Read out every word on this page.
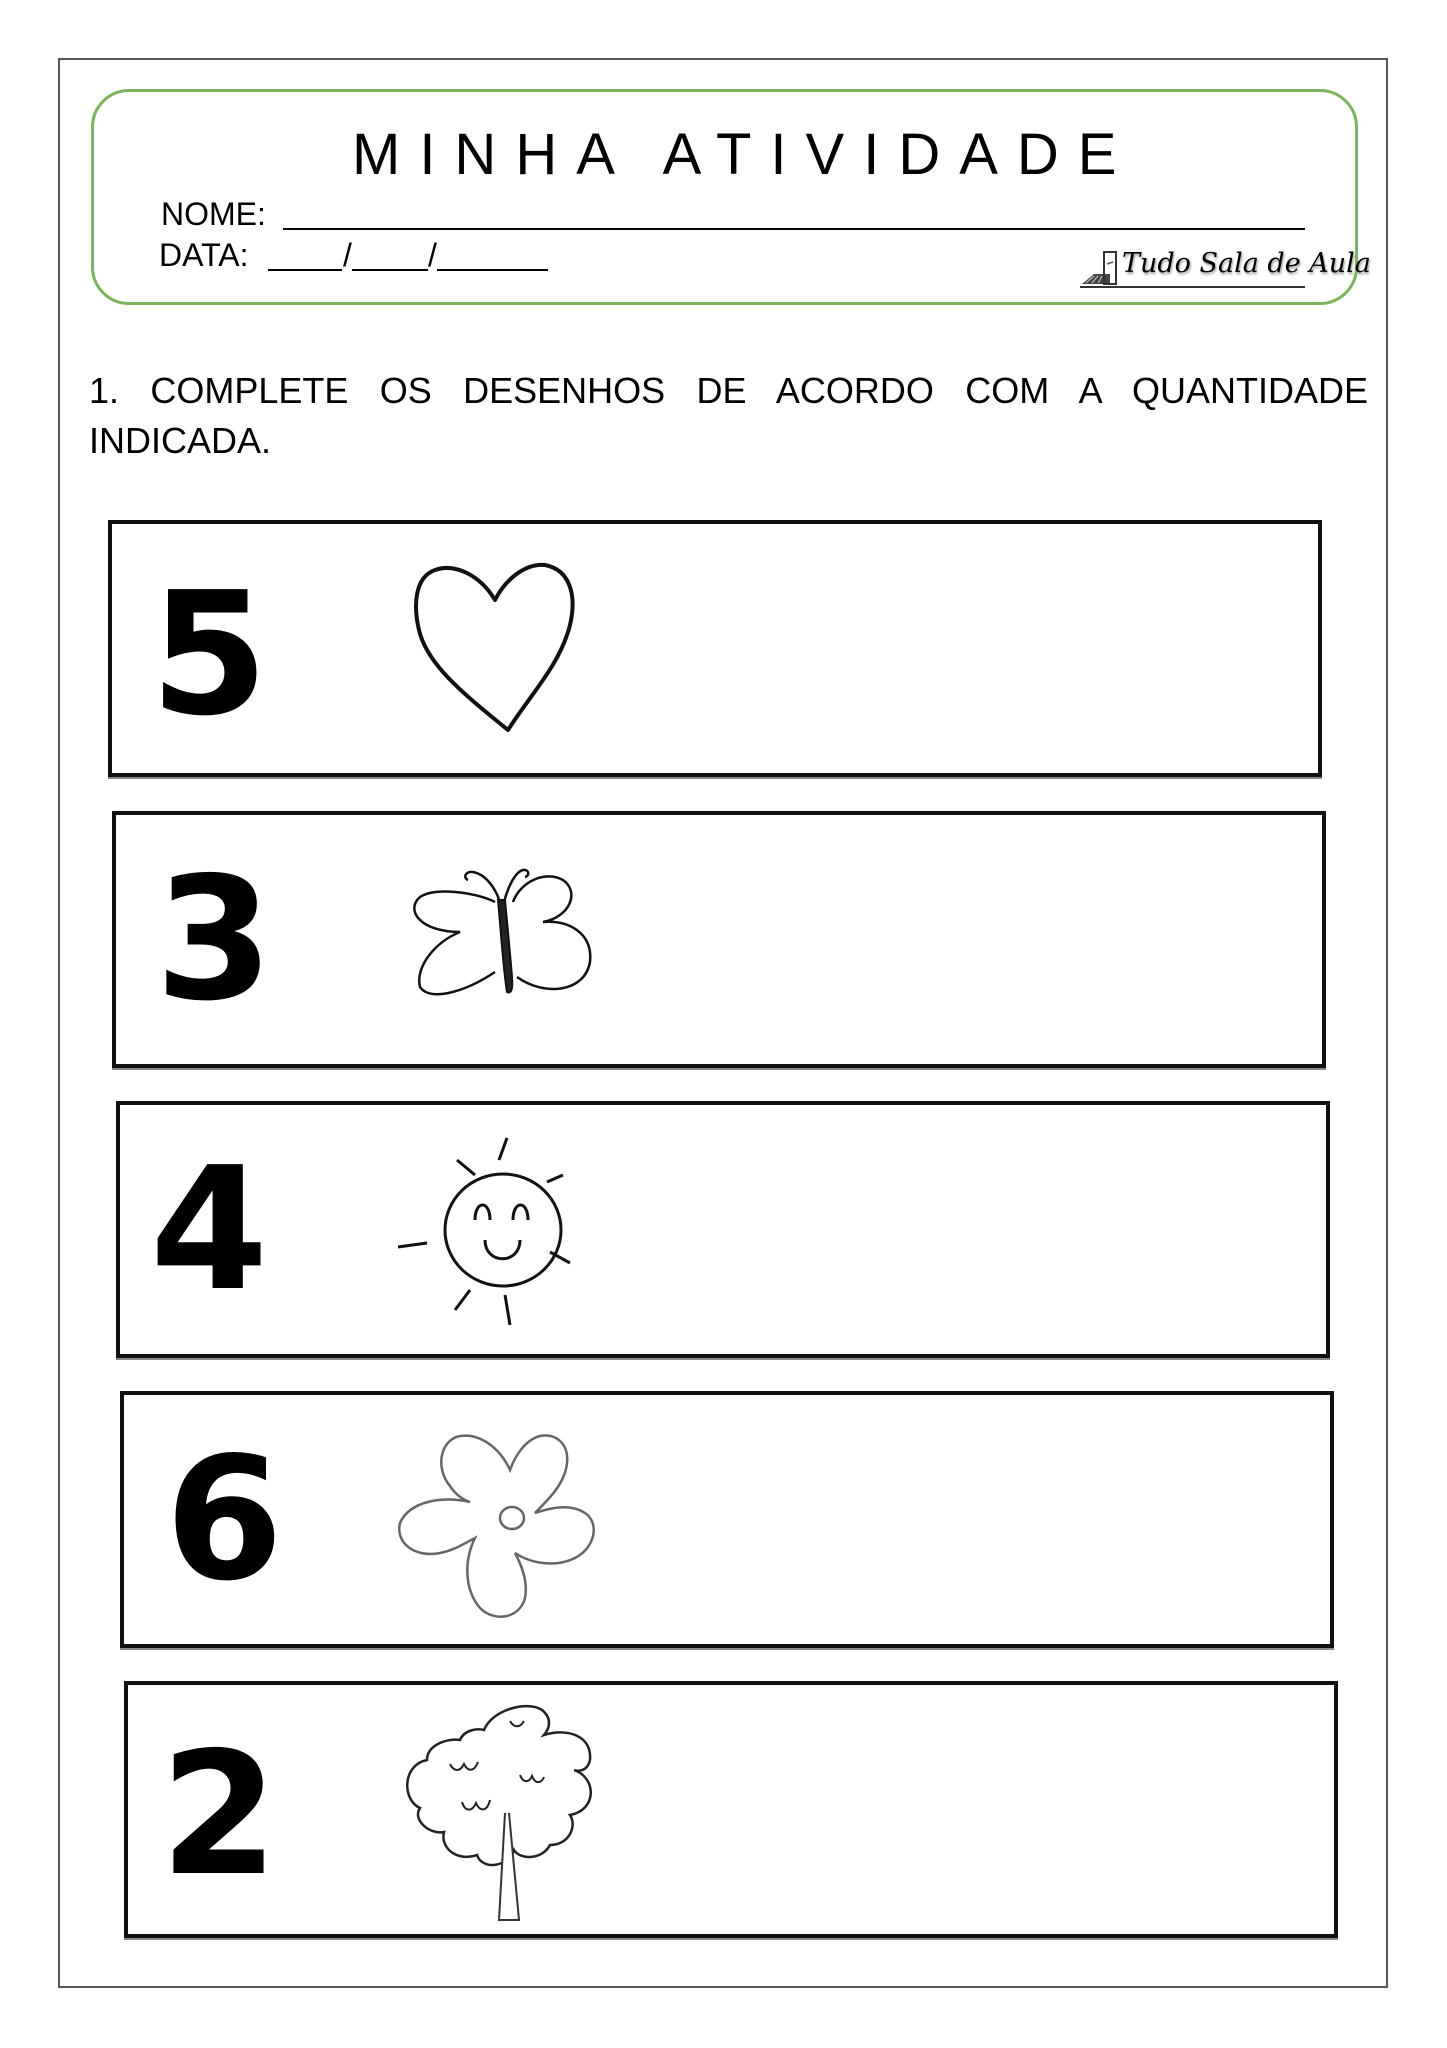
MINHA ATIVIDADE
NOME:
DATA:	/ /	Tudo Sala de Aula
1. COMPLETE OS DESENHOS DE ACORDO COM A QUANTIDADE INDICADA.
5
3
4
6
2
